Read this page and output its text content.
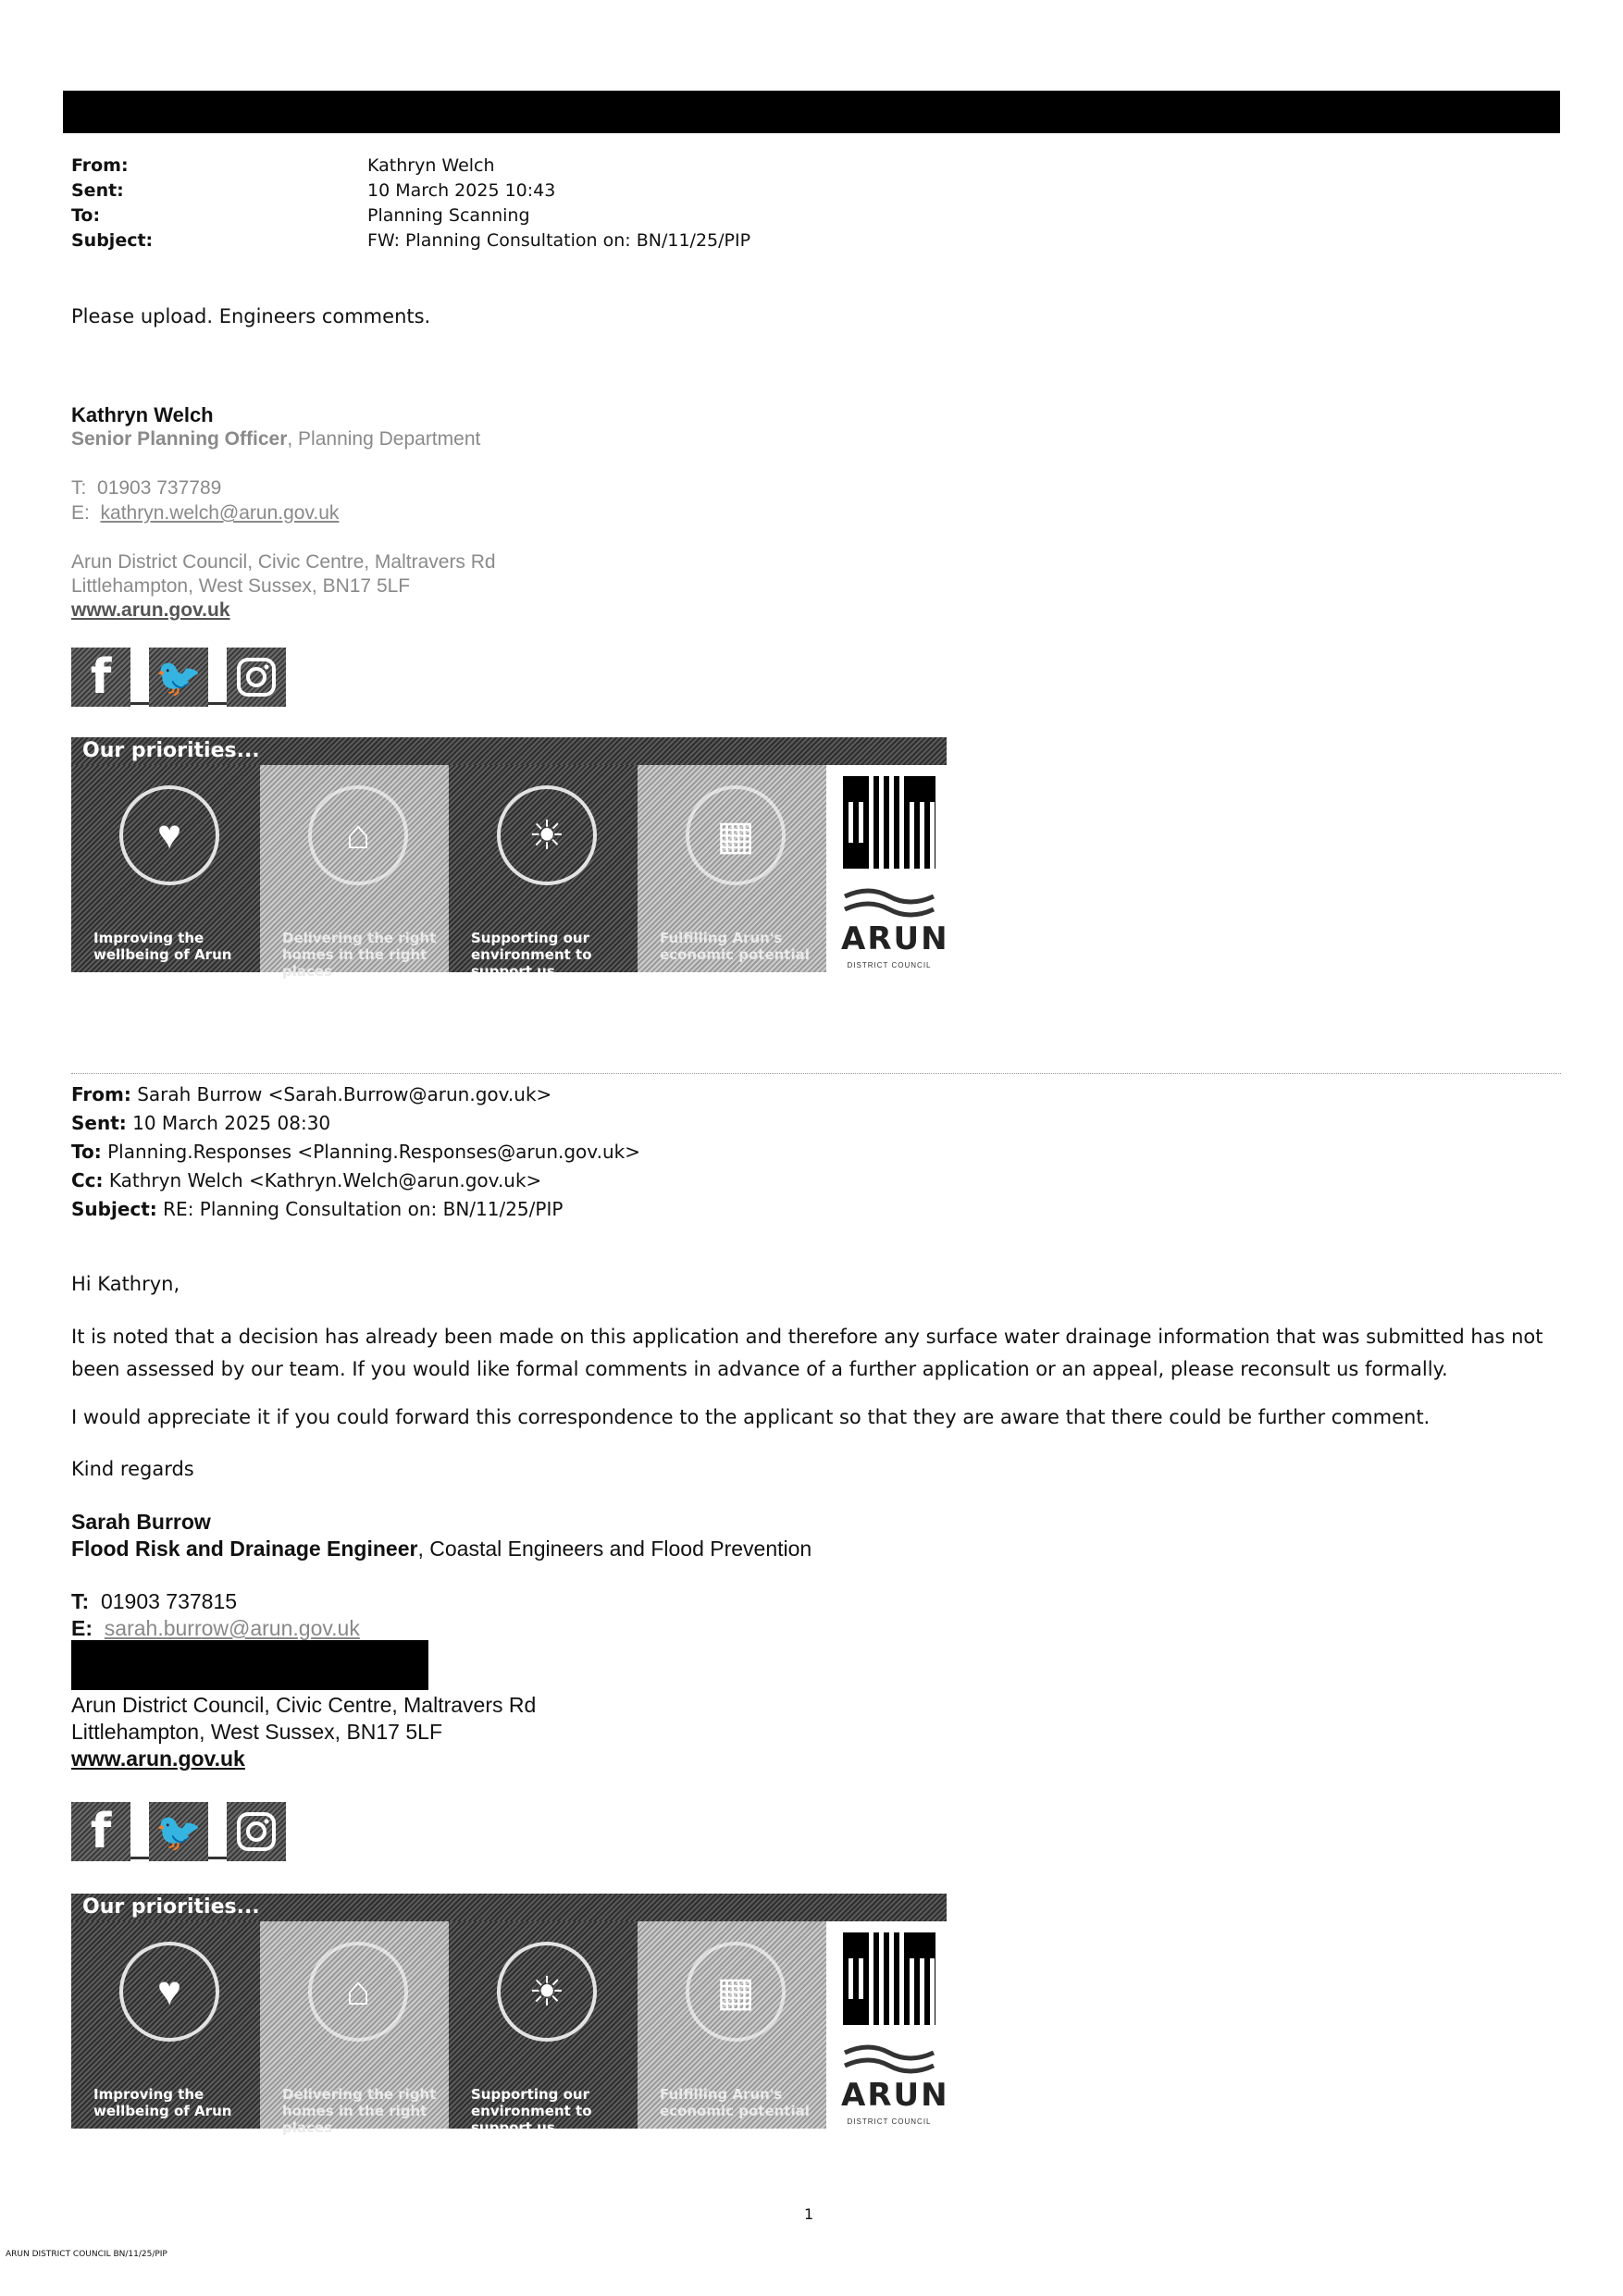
From:	Kathryn Welch
Sent:	10 March 2025 10:43
To:	Planning Scanning
Subject:	FW: Planning Consultation on: BN/11/25/PIP
Please upload. Engineers comments.
Kathryn Welch
Senior Planning Officer, Planning Department
T: 01903 737789
E: kathryn.welch@arun.gov.uk
Arun District Council, Civic Centre, Maltravers Rd
Littlehampton, West Sussex, BN17 5LF
www.arun.gov.uk
f	🐦
Our priorities...
♥
Improving the wellbeing of Arun
⌂
Delivering the right homes in the right places
☀
Supporting our environment to support us
▦
Fulfilling Arun's economic potential ARUN
DISTRICT COUNCIL
From: Sarah Burrow <Sarah.Burrow@arun.gov.uk>
Sent: 10 March 2025 08:30
To: Planning.Responses <Planning.Responses@arun.gov.uk>
Cc: Kathryn Welch <Kathryn.Welch@arun.gov.uk>
Subject: RE: Planning Consultation on: BN/11/25/PIP
Hi Kathryn,
It is noted that a decision has already been made on this application and therefore any surface water drainage information that was submitted has not been assessed by our team. If you would like formal comments in advance of a further application or an appeal, please reconsult us formally.
I would appreciate it if you could forward this correspondence to the applicant so that they are aware that there could be further comment.
Kind regards
Sarah Burrow
Flood Risk and Drainage Engineer, Coastal Engineers and Flood Prevention
T: 01903 737815
E: sarah.burrow@arun.gov.uk
Arun District Council, Civic Centre, Maltravers Rd
Littlehampton, West Sussex, BN17 5LF
www.arun.gov.uk
f	🐦
Our priorities...
♥
Improving the wellbeing of Arun
⌂
Delivering the right homes in the right places
☀
Supporting our environment to support us
▦
Fulfilling Arun's economic potential ARUN
DISTRICT COUNCIL
1
ARUN DISTRICT COUNCIL BN/11/25/PIP
